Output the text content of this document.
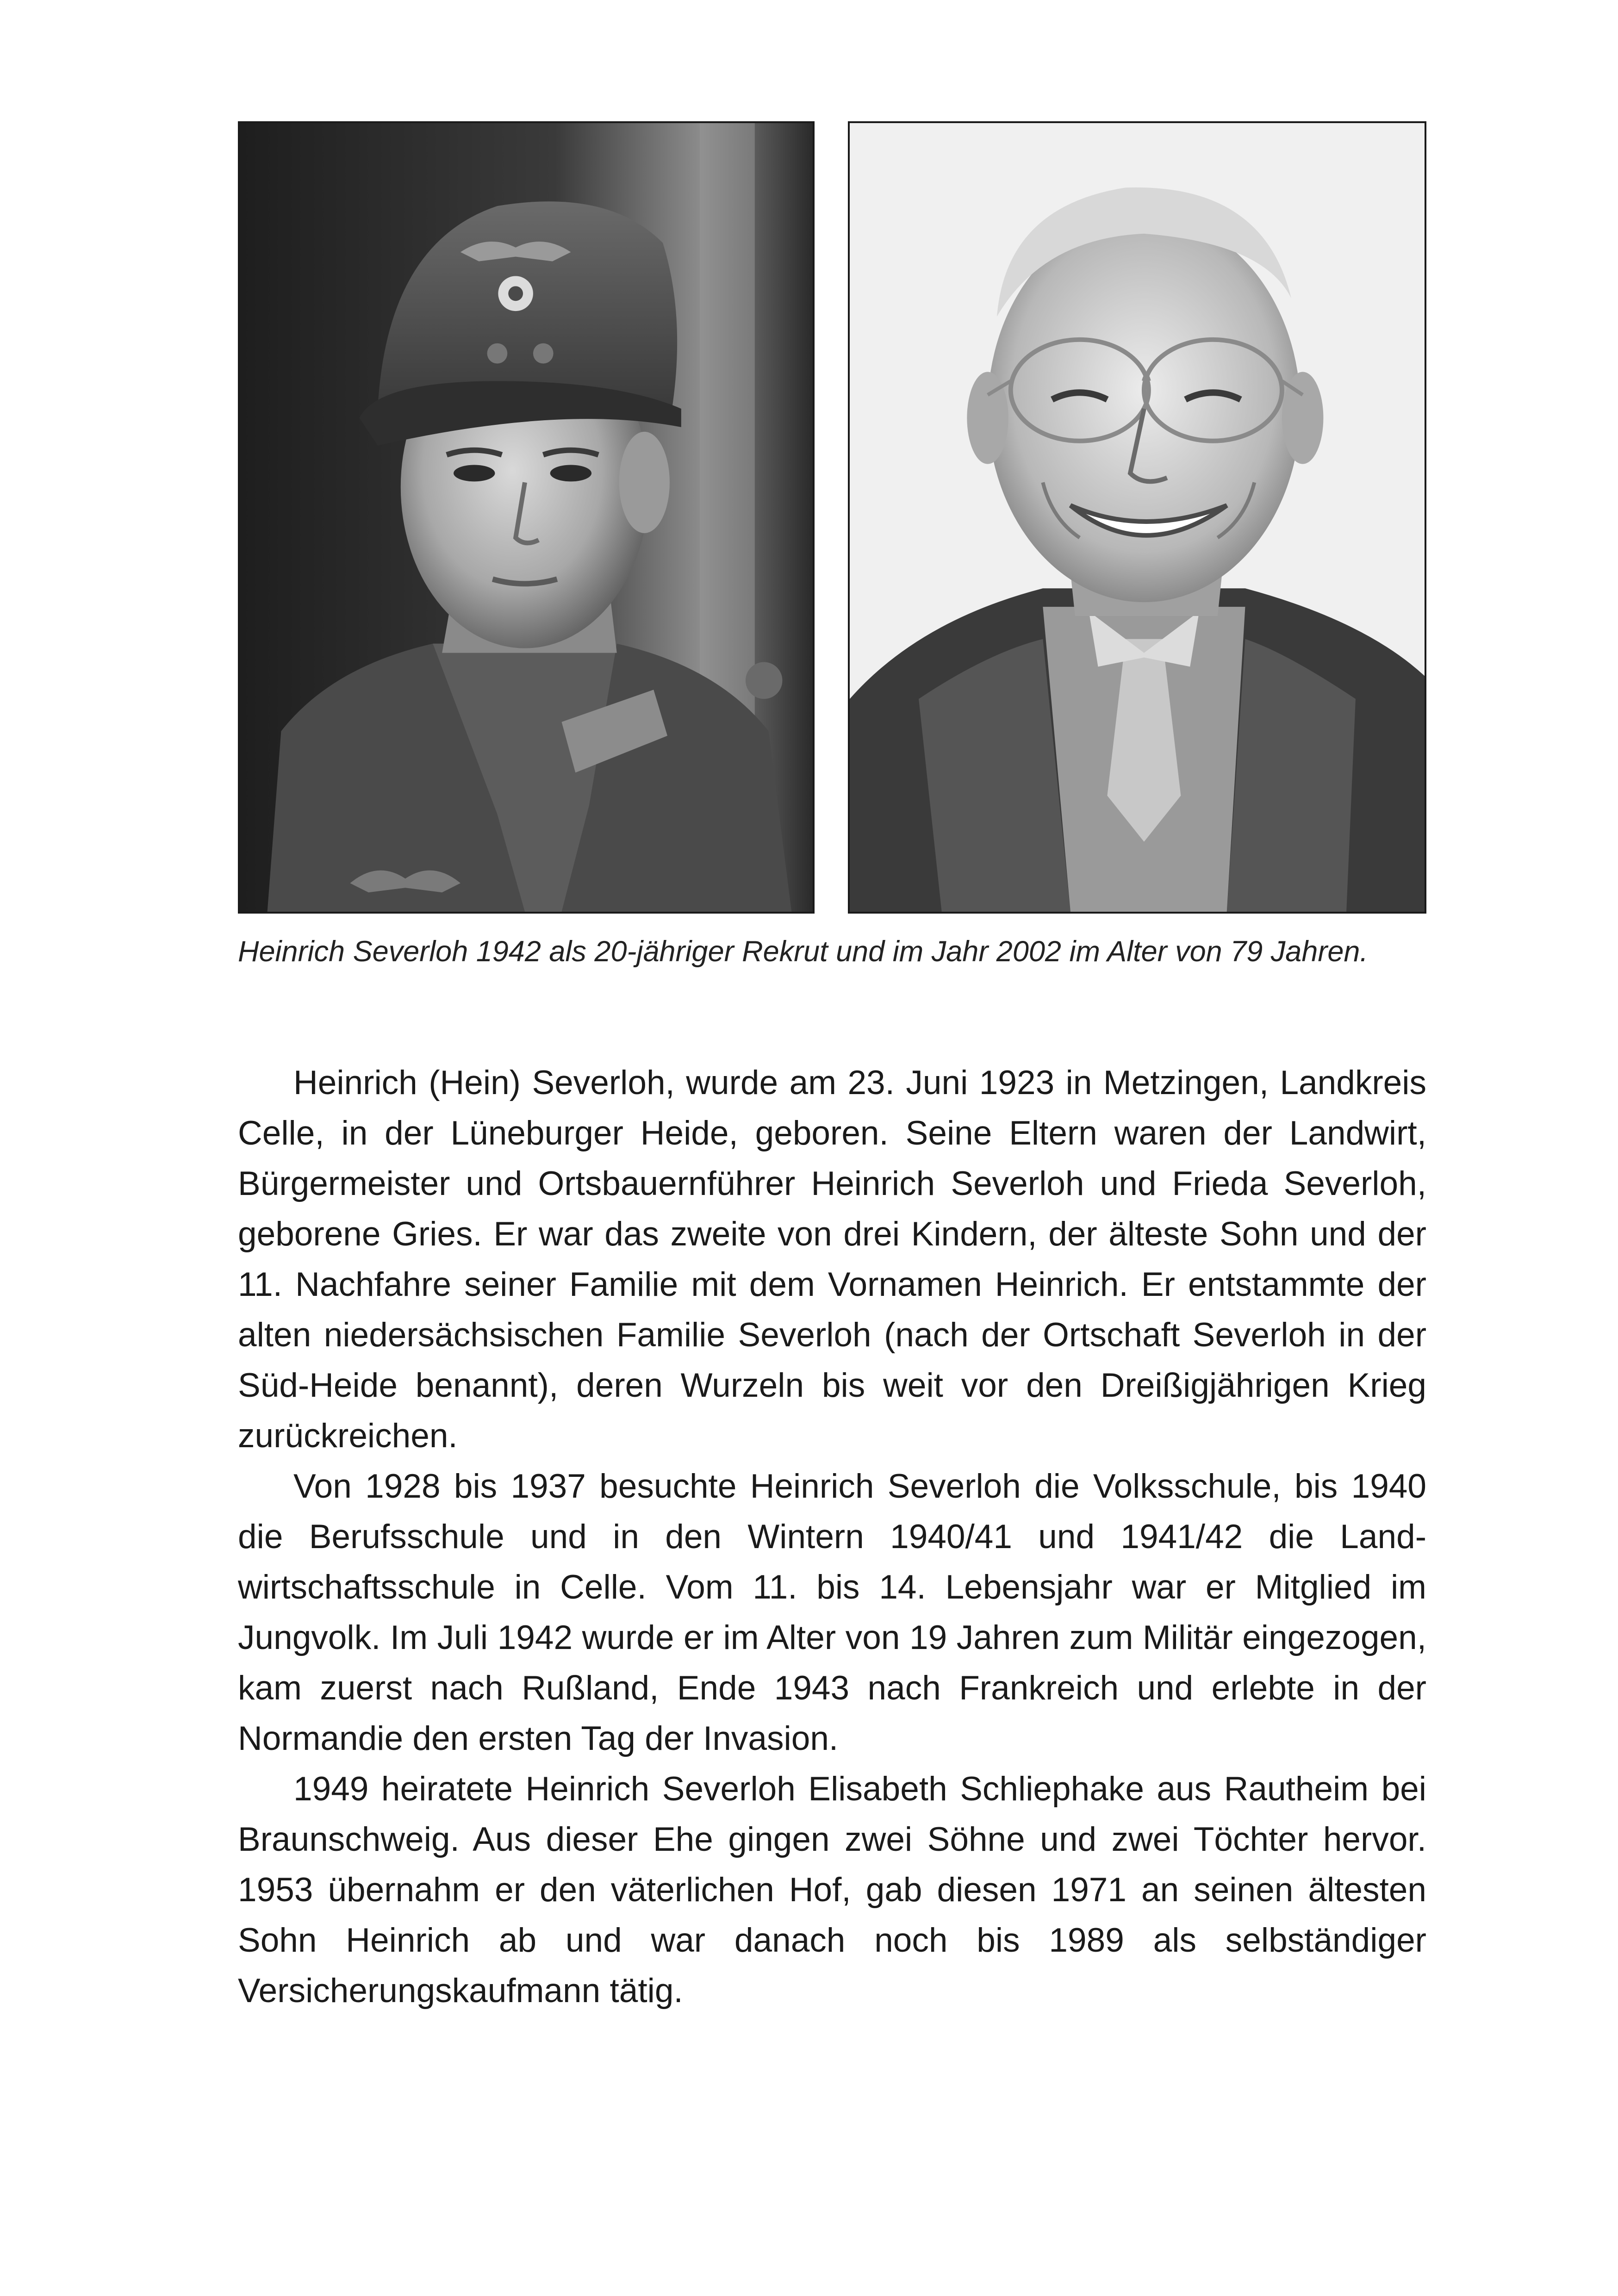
Heinrich Severloh 1942 als 20-jähriger Rekrut und im Jahr 2002 im Alter von 79 Jahren.

Heinrich (Hein) Severloh, wurde am 23. Juni 1923 in Metzingen, Landkreis Celle, in der Lüneburger Heide, geboren. Seine Eltern waren der Landwirt, Bürgermeister und Ortsbauernführer Heinrich Severloh und Frieda Severloh, geborene Gries. Er war das zweite von drei Kindern, der älteste Sohn und der 11. Nachfahre seiner Familie mit dem Vornamen Heinrich. Er entstammte der alten niedersächsischen Familie Severloh (nach der Ortschaft Severloh in der Süd-Heide benannt), deren Wurzeln bis weit vor den Dreißigjährigen Krieg zurückreichen.

Von 1928 bis 1937 besuchte Heinrich Severloh die Volksschule, bis 1940 die Berufsschule und in den Wintern 1940/41 und 1941/42 die Landwirtschaftsschule in Celle. Vom 11. bis 14. Lebensjahr war er Mitglied im Jungvolk. Im Juli 1942 wurde er im Alter von 19 Jahren zum Militär eingezogen, kam zuerst nach Rußland, Ende 1943 nach Frankreich und erlebte in der Normandie den ersten Tag der Invasion.

1949 heiratete Heinrich Severloh Elisabeth Schliephake aus Rautheim bei Braunschweig. Aus dieser Ehe gingen zwei Söhne und zwei Töchter hervor. 1953 übernahm er den väterlichen Hof, gab diesen 1971 an seinen ältesten Sohn Heinrich ab und war danach noch bis 1989 als selbständiger Versicherungskaufmann tätig.
